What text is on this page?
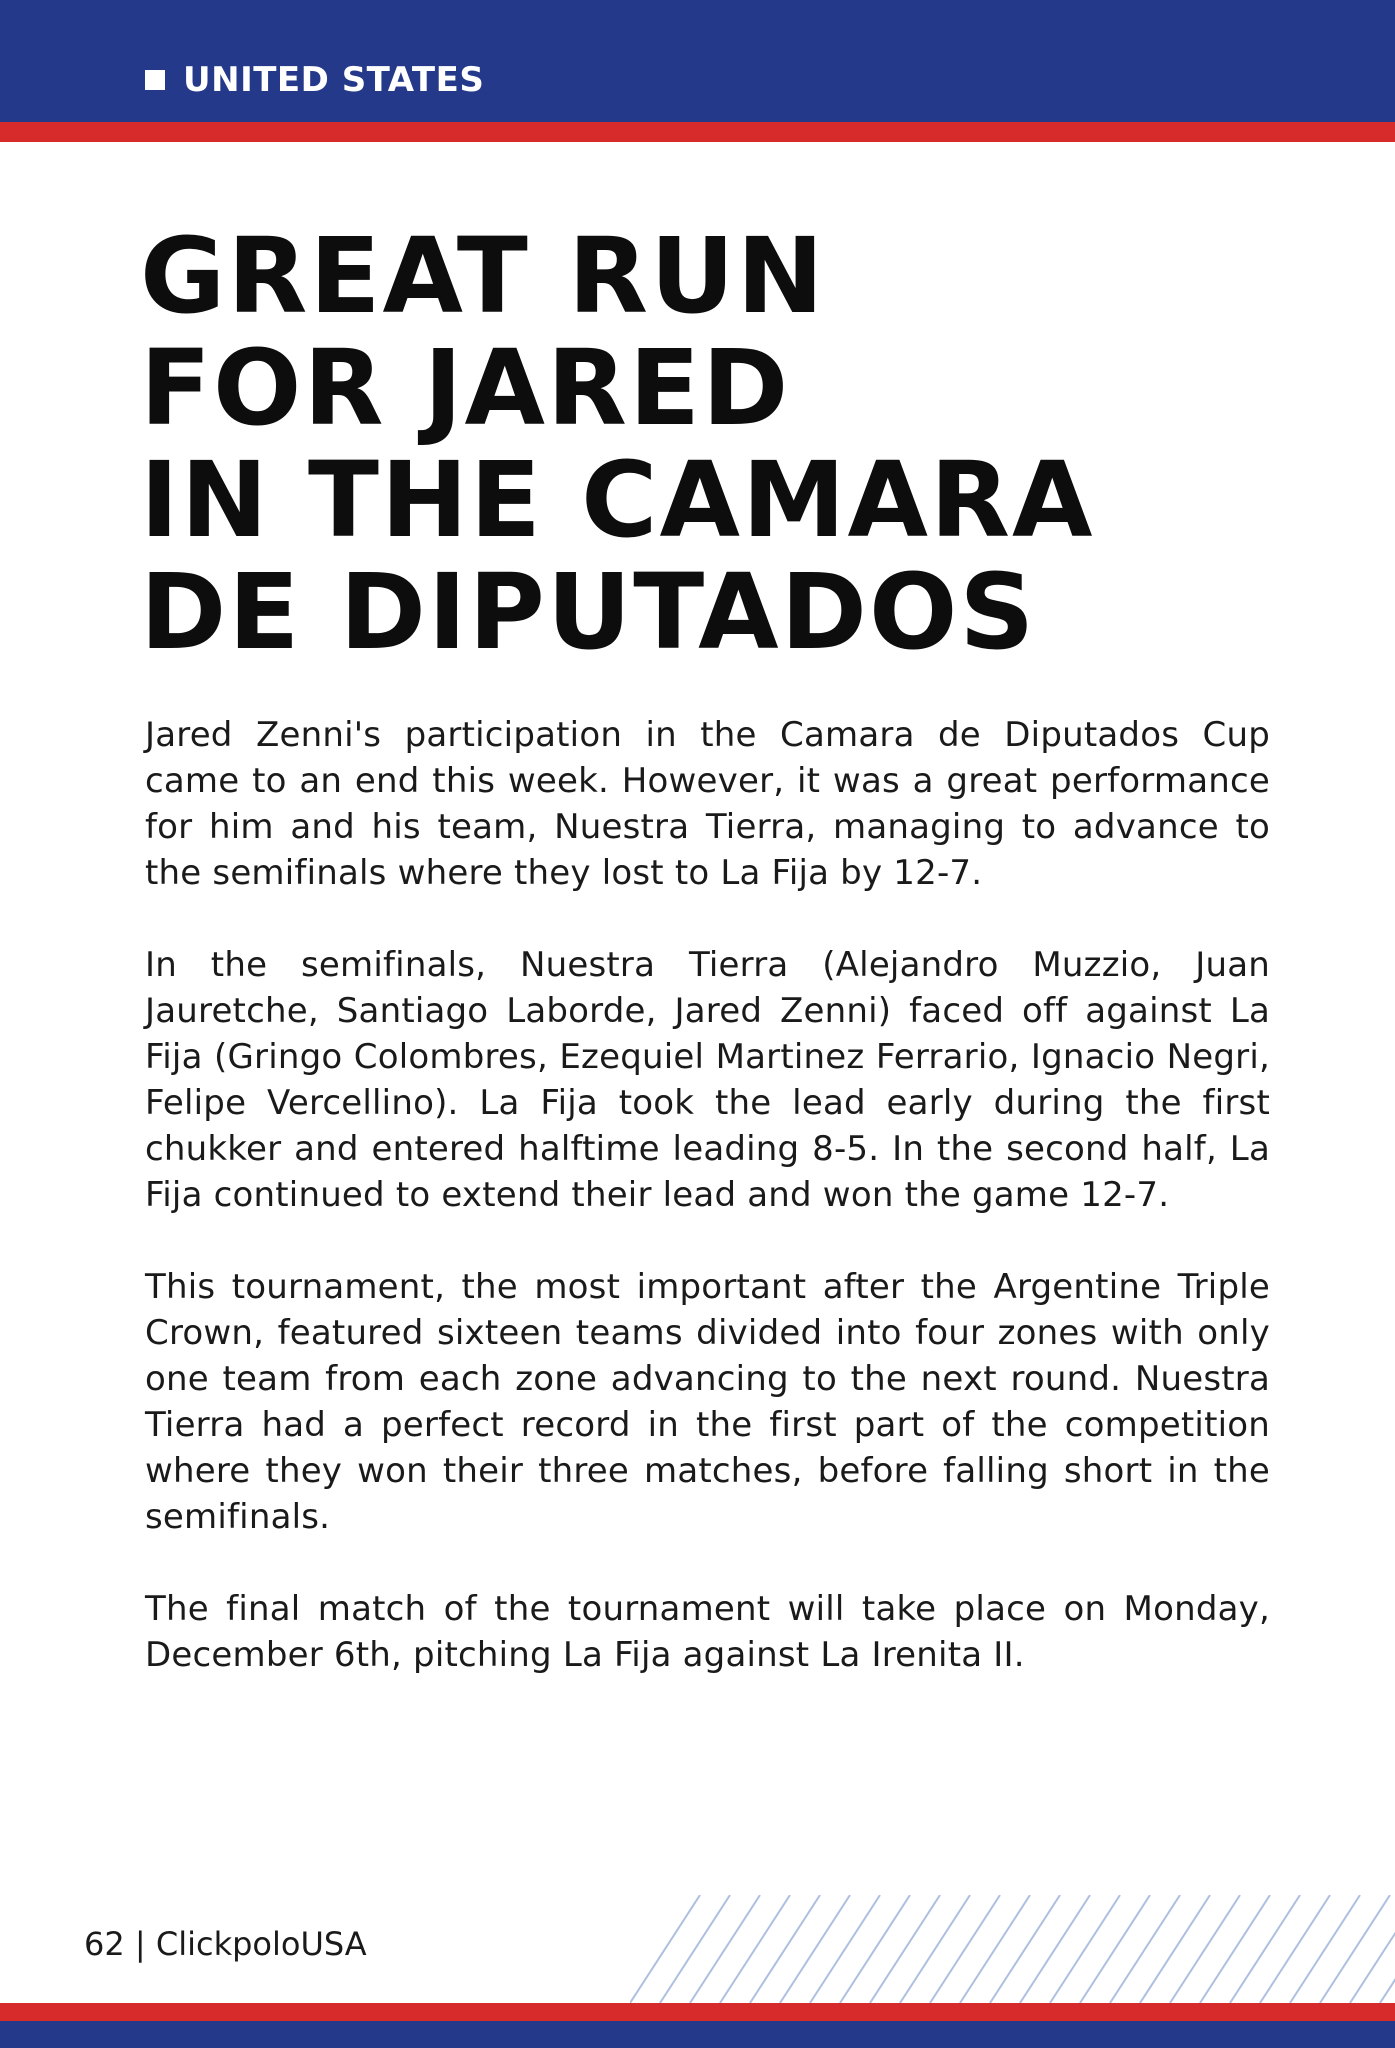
UNITED STATES
GREAT RUN
FOR JARED
IN THE CAMARA
DE DIPUTADOS

Jared Zenni's participation in the Camara de Diputados Cup came to an end this week. However, it was a great performance for him and his team, Nuestra Tierra, managing to advance to the semifinals where they lost to La Fija by 12-7.

In the semifinals, Nuestra Tierra (Alejandro Muzzio, Juan Jauretche, Santiago Laborde, Jared Zenni) faced off against La Fija (Gringo Colombres, Ezequiel Martinez Ferrario, Ignacio Negri, Felipe Vercellino). La Fija took the lead early during the first chukker and entered halftime leading 8-5. In the second half, La Fija continued to extend their lead and won the game 12-7.

This tournament, the most important after the Argentine Triple Crown, featured sixteen teams divided into four zones with only one team from each zone advancing to the next round. Nuestra Tierra had a perfect record in the first part of the competition where they won their three matches, before falling short in the semifinals.

The final match of the tournament will take place on Monday, December 6th, pitching La Fija against La Irenita II.

62 | ClickpoloUSA
